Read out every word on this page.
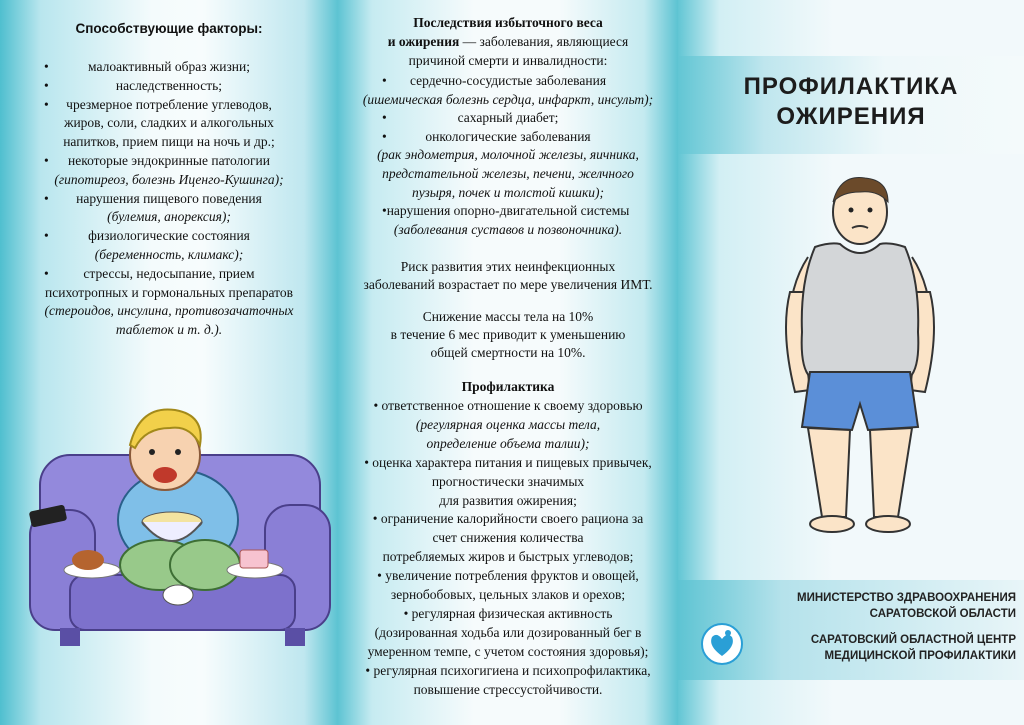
Способствующие факторы:
•	малоактивный образ жизни;
•	наследственность;
• чрезмерное потребление углеводов,
жиров, соли, сладких и алкогольных
напитков, прием пищи на ночь и др.;
• некоторые эндокринные патологии
(гипотиреоз, болезнь Иценго-Кушинга);
• нарушения пищевого поведения
(булемия, анорексия);
•	физиологические состояния
(беременность, климакс);
•	стрессы, недосыпание, прием
психотропных и гормональных препаратов
(стероидов, инсулина, противозачаточных
таблеток и т. д.).
Последствия избыточного веса
и ожирения — заболевания, являющиеся
причиной смерти и инвалидности:
• сердечно-сосудистые заболевания
(ишемическая болезнь сердца, инфаркт, инсульт);
•	сахарный диабет;
•	онкологические заболевания
(рак эндометрия, молочной железы, яичника,
предстательной железы, печени, желчного
пузыря, почек и толстой кишки);
• нарушения опорно-двигательной системы
(заболевания суставов и позвоночника).
Риск развития этих неинфекционных
заболеваний возрастает по мере увеличения ИМТ.
Снижение массы тела на 10%
в течение 6 мес приводит к уменьшению
общей смертности на 10%.
Профилактика
• ответственное отношение к своему здоровью
(регулярная оценка массы тела,
определение объема талии);
• оценка характера питания и пищевых привычек,
прогностически значимых
для развития ожирения;
• ограничение калорийности своего рациона за
счет снижения количества
потребляемых жиров и быстрых углеводов;
• увеличение потребления фруктов и овощей,
зернобобовых, цельных злаков и орехов;
• регулярная физическая активность
(дозированная ходьба или дозированный бег в
умеренном темпе, с учетом состояния здоровья);
• регулярная психогигиена и психопрофилактика,
повышение стрессустойчивости.
ПРОФИЛАКТИКА
ОЖИРЕНИЯ
МИНИСТЕРСТВО ЗДРАВООХРАНЕНИЯ
САРАТОВСКОЙ ОБЛАСТИ
САРАТОВСКИЙ ОБЛАСТНОЙ ЦЕНТР
МЕДИЦИНСКОЙ ПРОФИЛАКТИКИ
